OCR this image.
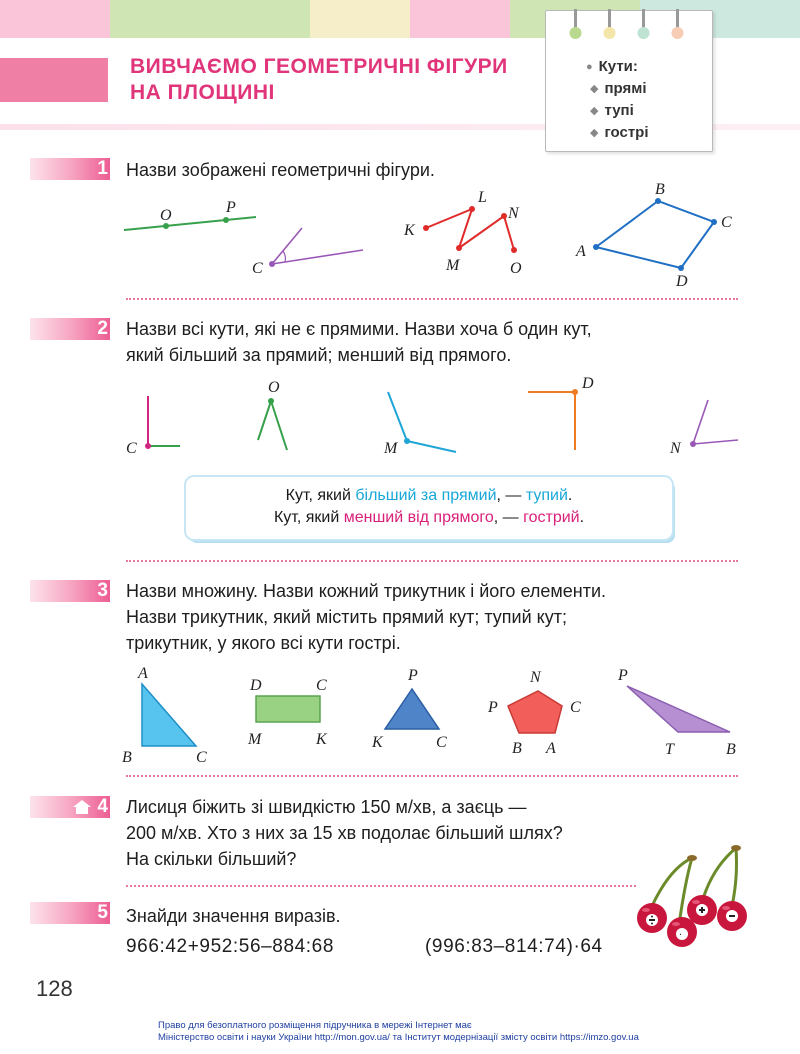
ВИВЧАЄМО ГЕОМЕТРИЧНІ ФІГУРИ
НА ПЛОЩИНІ
● Кути:
◆ прямі
◆ тупі
◆ гострі
1 Назви зображені геометричні фігури.

O	P
C
K
L
M
N
O
A
B
C
D
2 Назви всі кути, які не є прямими. Назви хоча б один кут,
який більший за прямий; менший від прямого.

C
O
M
D
N
Кут, який більший за прямий, — тупий.
Кут, який менший від прямого, — гострий.
3 Назви множину. Назви кожний трикутник і його елементи.
Назви трикутник, який містить прямий кут; тупий кут;
трикутник, у якого всі кути гострі.

A
B	C
D	C
M	K
P
K	C
N
P	C
B A
P
T	B
4 Лисиця біжить зі швидкістю 150 м/хв, а заєць —
200 м/хв. Хто з них за 15 хв подолає більший шлях?
На скільки більший?

·
5 Знайди значення виразів.

966:42+952:56–884:68	(996:83–814:74)·64

128

Право для безоплатного розміщення підручника в мережі Інтернет має
Міністерство освіти і науки України http://mon.gov.ua/ та Інститут модернізації змісту освіти https://imzo.gov.ua
